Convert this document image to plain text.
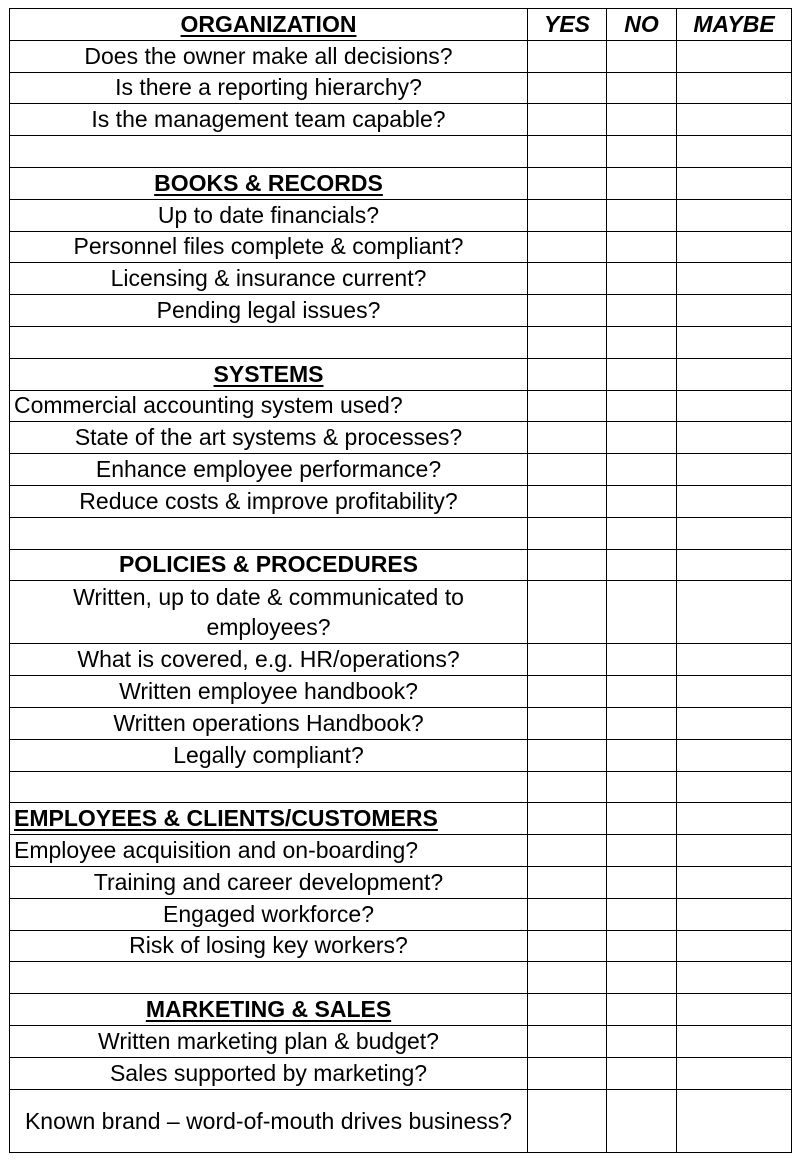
ORGANIZATION	YES	NO	MAYBE
Does the owner make all decisions?			
Is there a reporting hierarchy?			
Is the management team capable?			

BOOKS & RECORDS			
Up to date financials?			
Personnel files complete & compliant?			
Licensing & insurance current?			
Pending legal issues?			

SYSTEMS			
Commercial accounting system used?			
State of the art systems & processes?			
Enhance employee performance?			
Reduce costs & improve profitability?			

POLICIES & PROCEDURES			
Written, up to date & communicated to employees?			
What is covered, e.g. HR/operations?			
Written employee handbook?			
Written operations Handbook?			
Legally compliant?			

EMPLOYEES & CLIENTS/CUSTOMERS			
Employee acquisition and on-boarding?			
Training and career development?			
Engaged workforce?			
Risk of losing key workers?			

MARKETING & SALES			
Written marketing plan & budget?			
Sales supported by marketing?			
Known brand – word-of-mouth drives business?			
